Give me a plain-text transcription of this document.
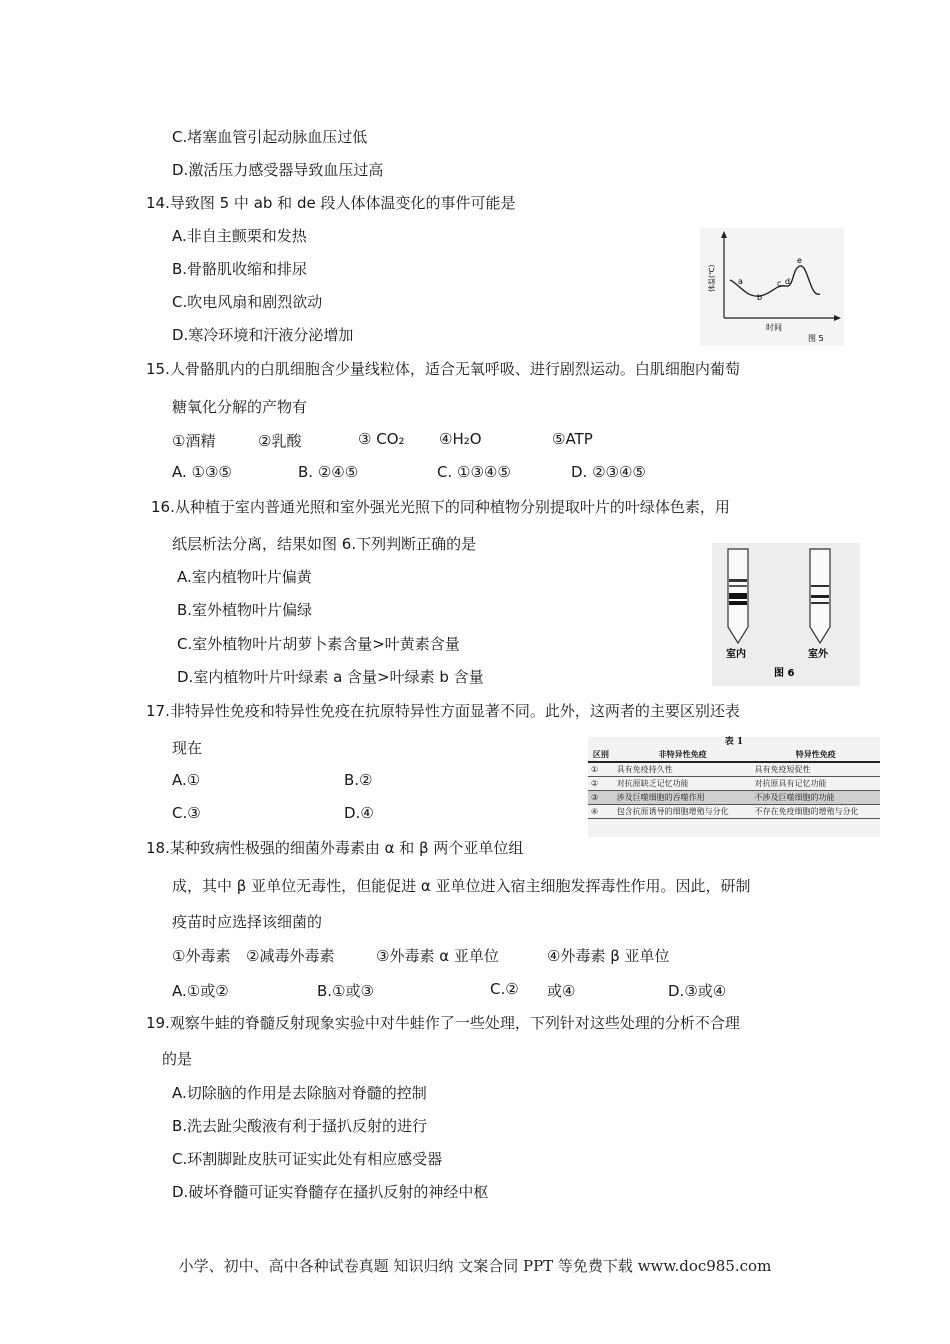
C.堵塞血管引起动脉血压过低
D.激活压力感受器导致血压过高
14.导致图 5 中 ab 和 de 段人体体温变化的事件可能是
A.非自主颤栗和发热
B.骨骼肌收缩和排尿
C.吹电风扇和剧烈欲动
D.寒冷环境和汗液分泌增加
a
b
c d
e
体温(℃)
时间
图 5
15.人骨骼肌内的白肌细胞含少量线粒体，适合无氧呼吸、进行剧烈运动。白肌细胞内葡萄
糖氧化分解的产物有
①酒精	②乳酸	③ CO₂ ④H₂O	⑤ATP
A. ①③⑤	B. ②④⑤	C. ①③④⑤	D. ②③④⑤
16.从种植于室内普通光照和室外强光光照下的同种植物分别提取叶片的叶绿体色素，用
纸层析法分离，结果如图 6.下列判断正确的是
A.室内植物叶片偏黄
B.室外植物叶片偏绿
C.室外植物叶片胡萝卜素含量>叶黄素含量
D.室内植物叶片叶绿素 a 含量>叶绿素 b 含量
室内	室外
图 6
17.非特异性免疫和特异性免疫在抗原特异性方面显著不同。此外，这两者的主要区别还表
现在
A.①	B.②
C.③	D.④
表 1
区别	非特异性免疫	特异性免疫
①	具有免疫持久性	具有免疫短促性
②	对抗原缺乏记忆功能	对抗原具有记忆功能
③	涉及巨噬细胞的吞噬作用	不涉及巨噬细胞的功能
④	包含抗原诱导的细胞增殖与分化	不存在免疫细胞的增殖与分化
18.某种致病性极强的细菌外毒素由 α 和 β 两个亚单位组
成，其中 β 亚单位无毒性，但能促进 α 亚单位进入宿主细胞发挥毒性作用。因此，研制
疫苗时应选择该细菌的
①外毒素 ②减毒外毒素	③外毒素 α 亚单位	④外毒素 β 亚单位
A.①或②	B.①或③	C.② 或④	D.③或④
19.观察牛蛙的脊髓反射现象实验中对牛蛙作了一些处理，下列针对这些处理的分析不合理
的是
A.切除脑的作用是去除脑对脊髓的控制
B.洗去趾尖酸液有利于搔扒反射的进行
C.环割脚趾皮肤可证实此处有相应感受器
D.破坏脊髓可证实脊髓存在搔扒反射的神经中枢
小学、初中、高中各种试卷真题 知识归纳 文案合同 PPT 等免费下载 www.doc985.com
